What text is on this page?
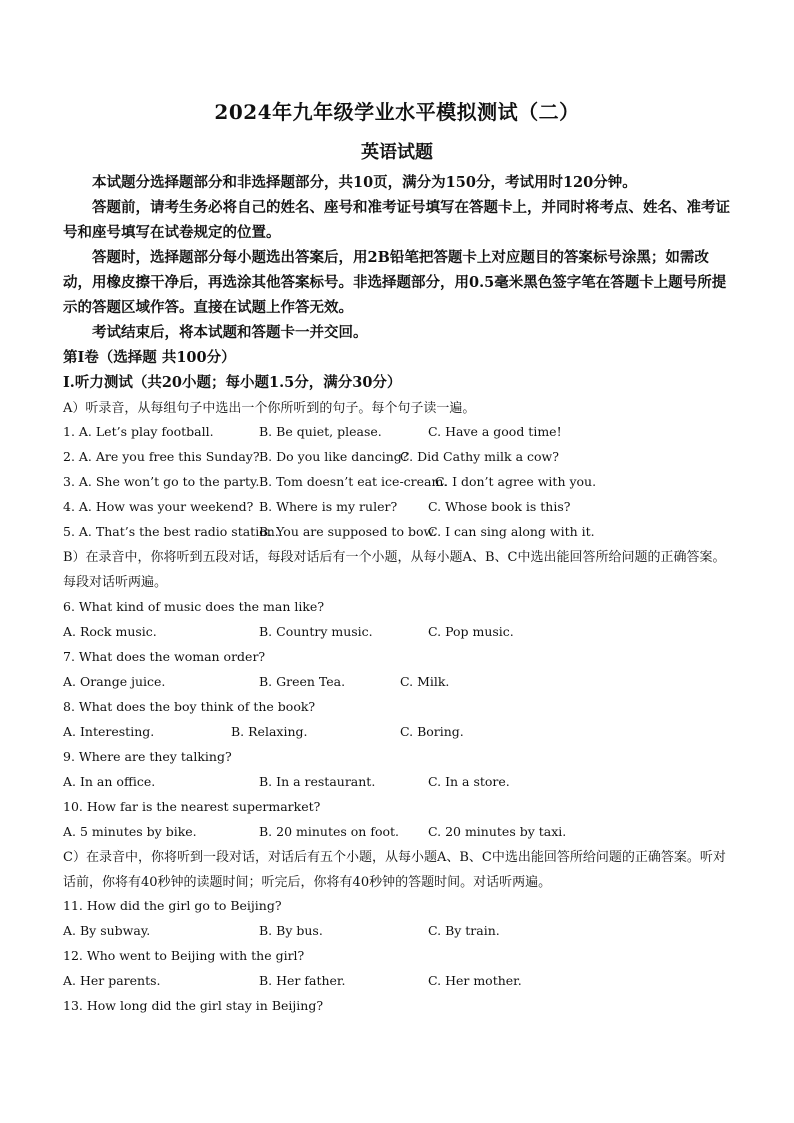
2024年九年级学业水平模拟测试（二）
英语试题
本试题分选择题部分和非选择题部分，共10页，满分为150分，考试用时120分钟。
答题前，请考生务必将自己的姓名、座号和准考证号填写在答题卡上，并同时将考点、姓名、准考证号和座号填写在试卷规定的位置。
答题时，选择题部分每小题选出答案后，用2B铅笔把答题卡上对应题目的答案标号涂黑；如需改动，用橡皮擦干净后，再选涂其他答案标号。非选择题部分，用0.5毫米黑色签字笔在答题卡上题号所提示的答题区域作答。直接在试题上作答无效。
考试结束后，将本试题和答题卡一并交回。
第I卷（选择题 共100分）
I.听力测试（共20小题；每小题1.5分，满分30分）
A）听录音，从每组句子中选出一个你所听到的句子。每个句子读一遍。
1. A. Let’s play football.	B. Be quiet, please.	C. Have a good time!
2. A. Are you free this Sunday? B. Do you like dancing?
C. Did Cathy milk a cow?
3. A. She won’t go to the party. B. Tom doesn’t eat ice-cream.
C. I don’t agree with you.
4. A. How was your weekend? B. Where is my ruler? C. Whose book is this?
5. A. That’s the best radio station.
B. You are supposed to bow.
C. I can sing along with it.
B）在录音中，你将听到五段对话，每段对话后有一个小题，从每小题A、B、C中选出能回答所给问题的正确答案。每段对话听两遍。
6. What kind of music does the man like?
A. Rock music.	B. Country music.	C. Pop music.
7. What does the woman order?
A. Orange juice.	B. Green Tea.	C. Milk.
8. What does the boy think of the book?
A. Interesting.	B. Relaxing.	C. Boring.
9. Where are they talking?
A. In an office.	B. In a restaurant.	C. In a store.
10. How far is the nearest supermarket?
A. 5 minutes by bike.	B. 20 minutes on foot. C. 20 minutes by taxi.
C）在录音中，你将听到一段对话，对话后有五个小题，从每小题A、B、C中选出能回答所给问题的正确答案。听对话前，你将有40秒钟的读题时间；听完后，你将有40秒钟的答题时间。对话听两遍。
11. How did the girl go to Beijing?
A. By subway.	B. By bus.	C. By train.
12. Who went to Beijing with the girl?
A. Her parents.	B. Her father.	C. Her mother.
13. How long did the girl stay in Beijing?
